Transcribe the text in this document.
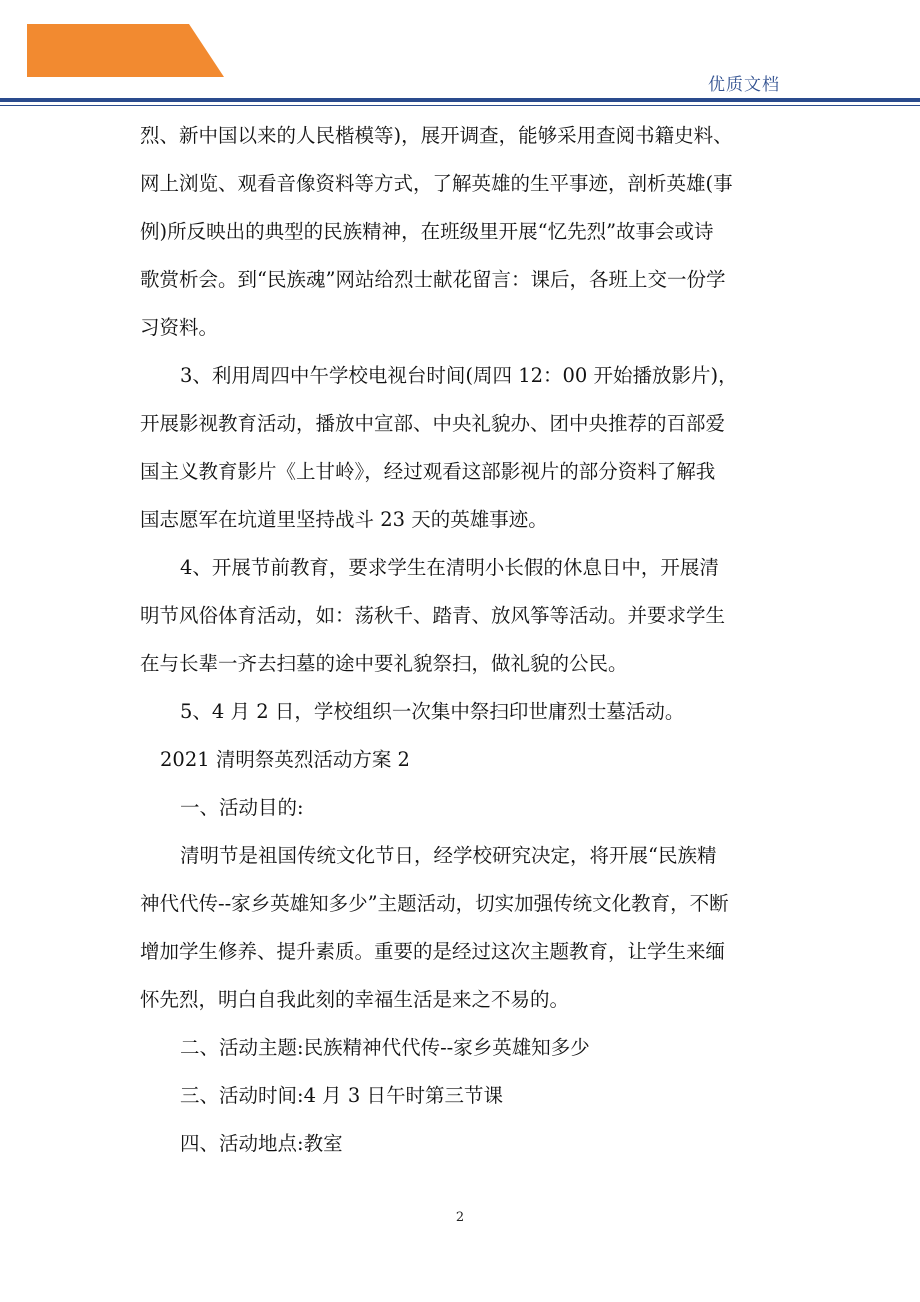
优质文档
烈、新中国以来的人民楷模等)，展开调查，能够采用查阅书籍史料、
网上浏览、观看音像资料等方式，了解英雄的生平事迹，剖析英雄(事
例)所反映出的典型的民族精神，在班级里开展“忆先烈”故事会或诗
歌赏析会。到“民族魂”网站给烈士献花留言：课后，各班上交一份学
习资料。
3、利用周四中午学校电视台时间(周四 12：00 开始播放影片)，
开展影视教育活动，播放中宣部、中央礼貌办、团中央推荐的百部爱
国主义教育影片《上甘岭》，经过观看这部影视片的部分资料了解我
国志愿军在坑道里坚持战斗 23 天的英雄事迹。
4、开展节前教育，要求学生在清明小长假的休息日中，开展清
明节风俗体育活动，如：荡秋千、踏青、放风筝等活动。并要求学生
在与长辈一齐去扫墓的途中要礼貌祭扫，做礼貌的公民。
5、4 月 2 日，学校组织一次集中祭扫印世庸烈士墓活动。
2021 清明祭英烈活动方案 2
一、活动目的:
清明节是祖国传统文化节日，经学校研究决定，将开展“民族精
神代代传--家乡英雄知多少”主题活动，切实加强传统文化教育，不断
增加学生修养、提升素质。重要的是经过这次主题教育，让学生来缅
怀先烈，明白自我此刻的幸福生活是来之不易的。
二、活动主题:民族精神代代传--家乡英雄知多少
三、活动时间:4 月 3 日午时第三节课
四、活动地点:教室
2
